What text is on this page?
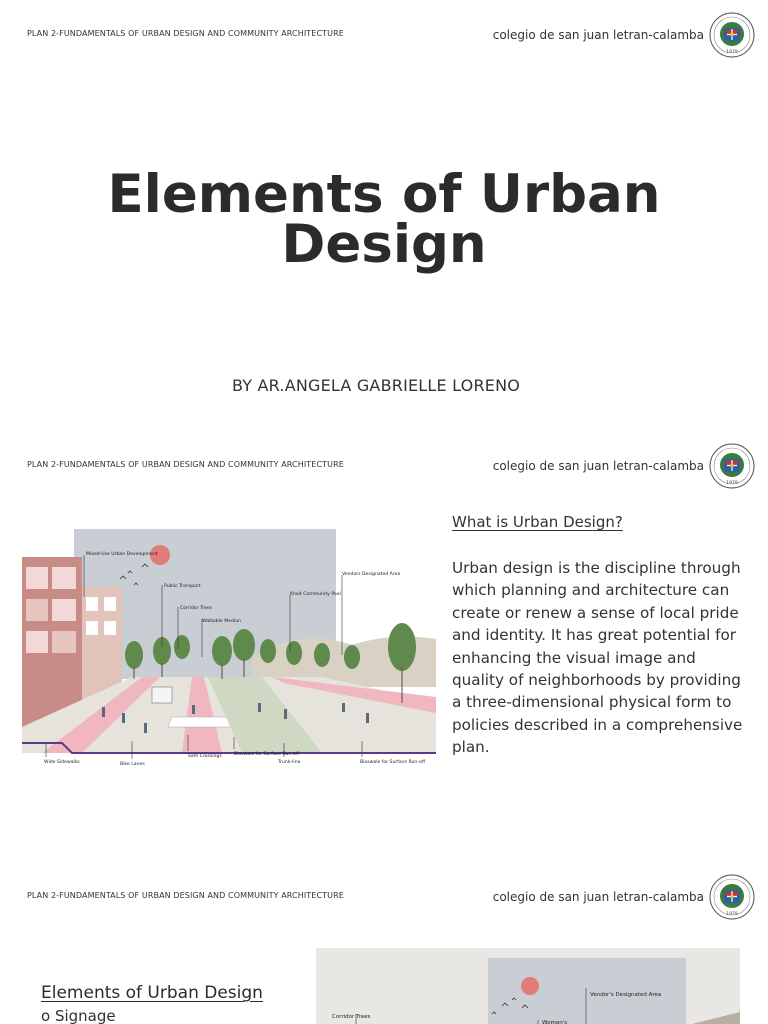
PLAN 2-FUNDAMENTALS OF URBAN DESIGN AND COMMUNITY ARCHITECTURE	colegio de san juan letran-calamba
1979
Elements of Urban
Design
BY AR.ANGELA GABRIELLE LORENO
PLAN 2-FUNDAMENTALS OF URBAN DESIGN AND COMMUNITY ARCHITECTURE	colegio de san juan letran-calamba
1979
Mixed-Use Urban Development
Public Transport
Corridor Trees
Walkable Median
Khoit Community Pool
Vendors Designated Area
Wide Sidewalks	Bike Lanes
Safe Crossings	Bioswale for Surface Run-off
Trunk-line	Bioswale for Surface Run-off
What is Urban Design?

Urban design is the discipline through which planning and architecture can create or renew a sense of local pride and identity. It has great potential for enhancing the visual image and quality of neighborhoods by providing a three-dimensional physical form to policies described in a comprehensive plan.

PLAN 2-FUNDAMENTALS OF URBAN DESIGN AND COMMUNITY ARCHITECTURE	colegio de san juan letran-calamba
1979
Corridor Trees
Vendor's Designated Area
Women's
Elements of Urban Design
o Signage
